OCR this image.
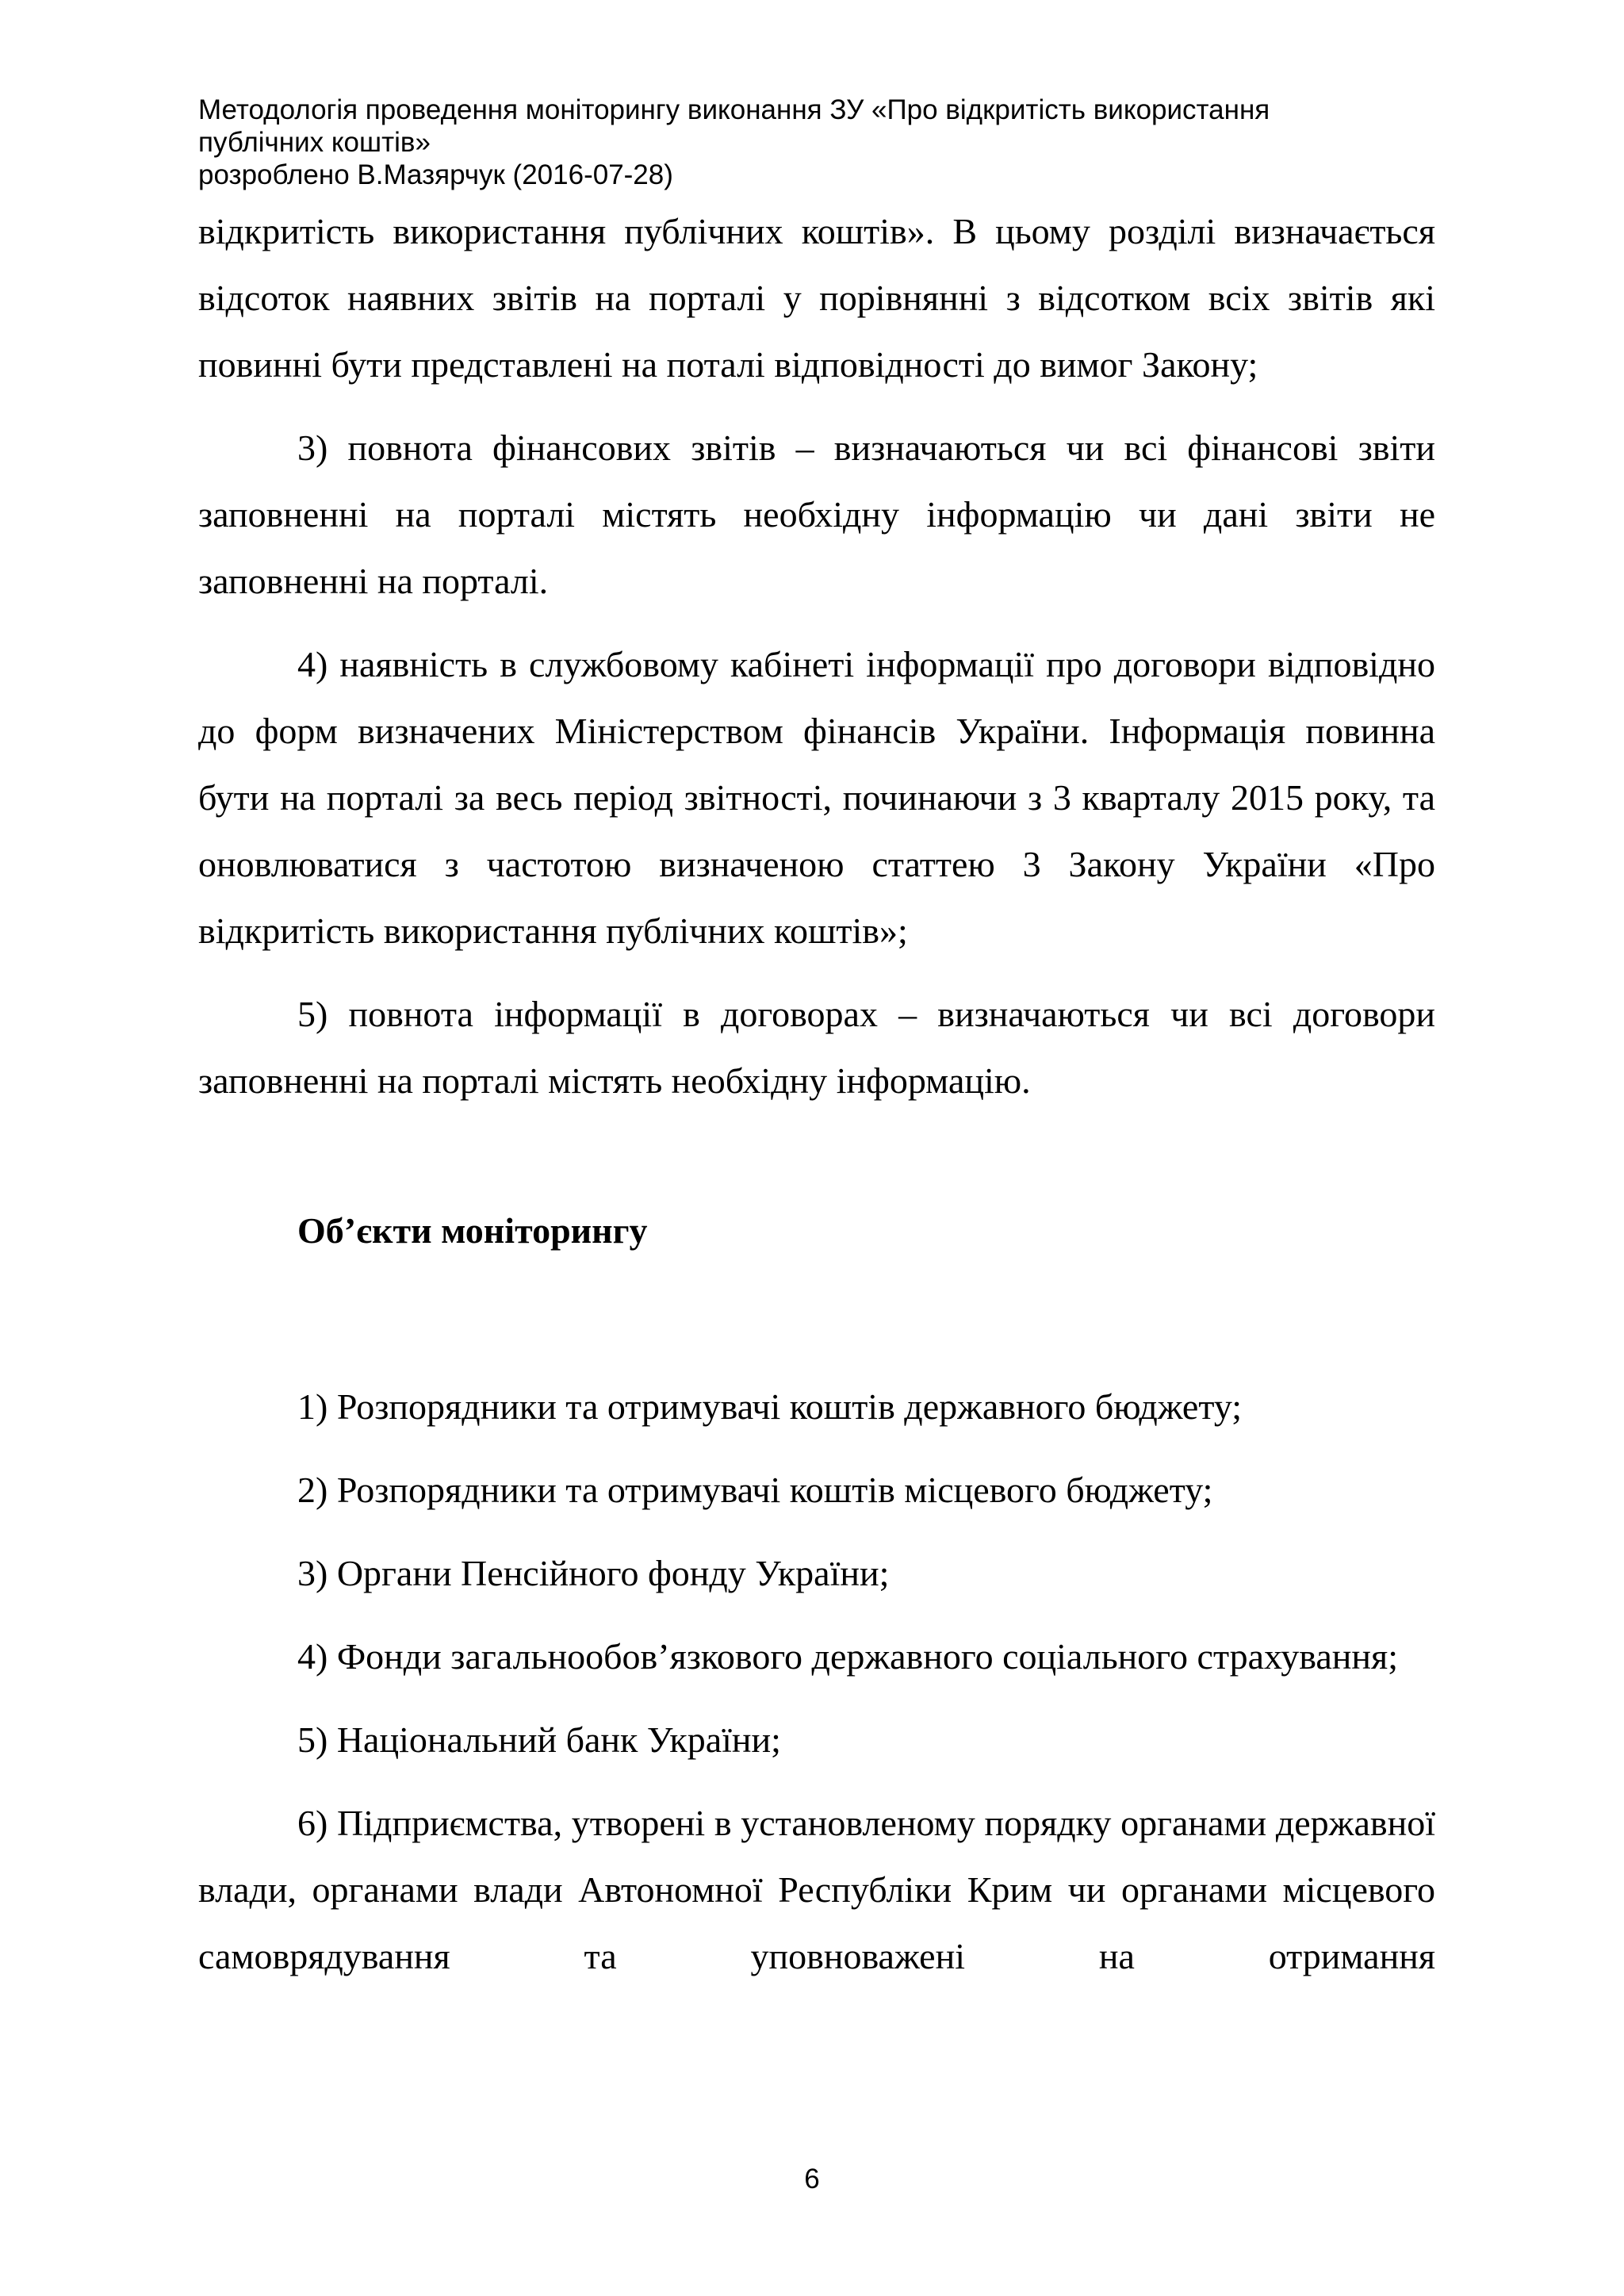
Методологія проведення моніторингу виконання ЗУ «Про відкритість використання
публічних коштів»
розроблено В.Мазярчук (2016-07-28)

відкритість використання публічних коштів». В цьому розділі визначається відсоток наявних звітів на порталі у порівнянні з відсотком всіх звітів які повинні бути представлені на поталі відповідності до вимог Закону;

3) повнота фінансових звітів – визначаються чи всі фінансові звіти заповненні на порталі містять необхідну інформацію чи дані звіти не заповненні на порталі.

4) наявність в службовому кабінеті інформації про договори відповідно до форм визначених Міністерством фінансів України. Інформація повинна бути на порталі за весь період звітності, починаючи з 3 кварталу 2015 року, та оновлюватися з частотою визначеною статтею 3 Закону України «Про відкритість використання публічних коштів»;

5) повнота інформації в договорах – визначаються чи всі договори заповненні на порталі містять необхідну інформацію.

Об’єкти моніторингу

1) Розпорядники та отримувачі коштів державного бюджету;

2) Розпорядники та отримувачі коштів місцевого бюджету;

3) Органи Пенсійного фонду України;

4) Фонди загальнообов’язкового державного соціального страхування;

5) Національний банк України;

6) Підприємства, утворені в установленому порядку органами державної влади, органами влади Автономної Республіки Крим чи органами місцевого самоврядування та уповноважені на отримання

6
